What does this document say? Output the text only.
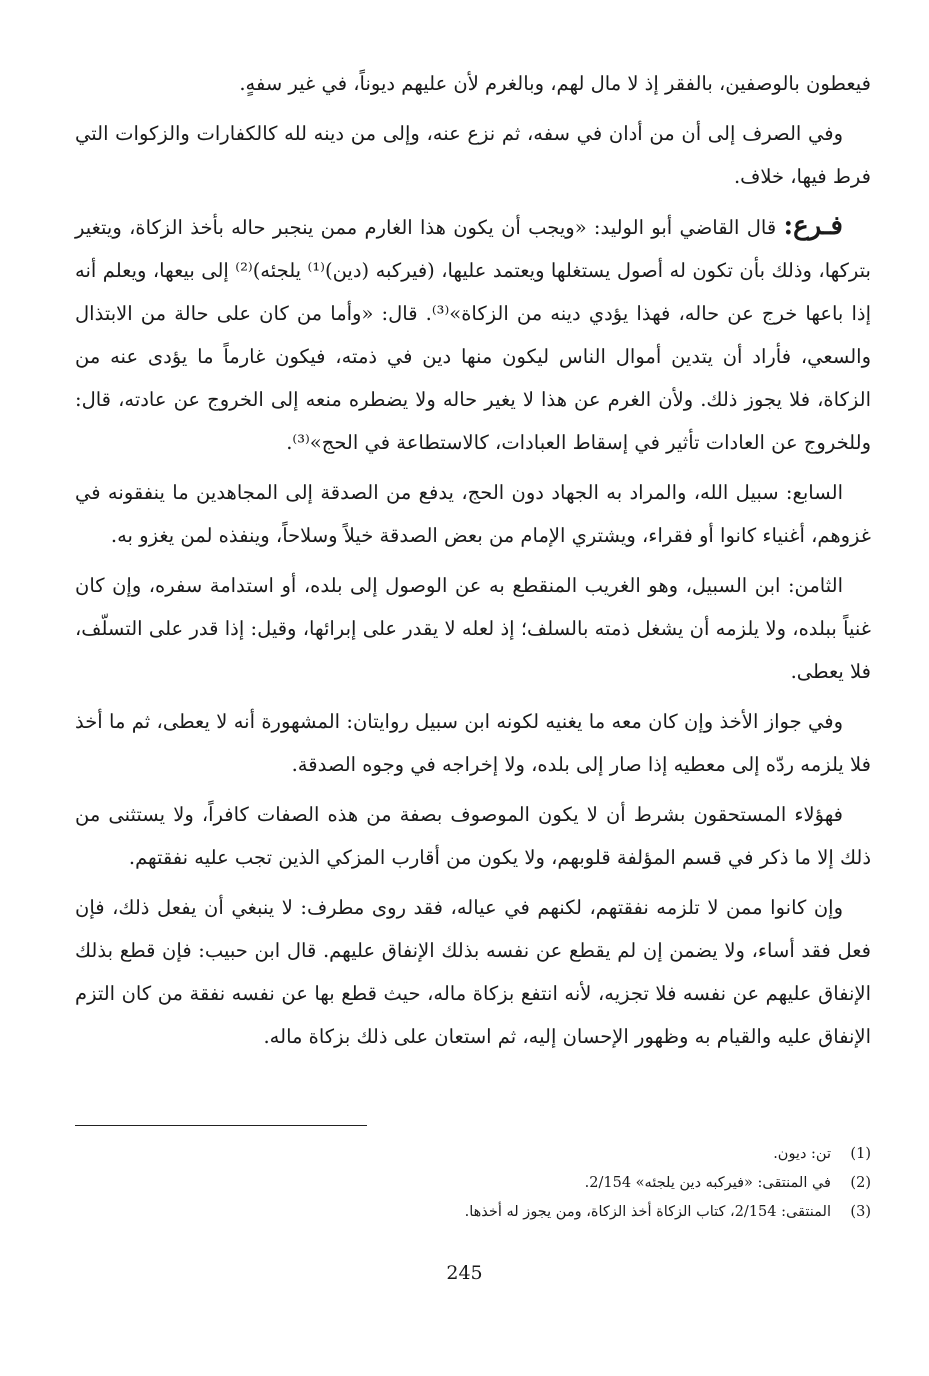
فيعطون بالوصفين، بالفقر إذ لا مال لهم، وبالغرم لأن عليهم ديوناً، في غير سفهٍ.

وفي الصرف إلى أن من أدان في سفه، ثم نزع عنه، وإلى من دينه لله كالكفارات والزكوات التي فرط فيها، خلاف.

فـرع: قال القاضي أبو الوليد: «ويجب أن يكون هذا الغارم ممن ينجبر حاله بأخذ الزكاة، ويتغير بتركها، وذلك بأن تكون له أصول يستغلها ويعتمد عليها، (فيركبه (دين)⁽¹⁾ يلجئه)⁽²⁾ إلى بيعها، ويعلم أنه إذا باعها خرج عن حاله، فهذا يؤدي دينه من الزكاة»⁽³⁾. قال: «وأما من كان على حالة من الابتذال والسعي، فأراد أن يتدين أموال الناس ليكون منها دين في ذمته، فيكون غارماً ما يؤدى عنه من الزكاة، فلا يجوز ذلك. ولأن الغرم عن هذا لا يغير حاله ولا يضطره منعه إلى الخروج عن عادته، قال: وللخروج عن العادات تأثير في إسقاط العبادات، كالاستطاعة في الحج»⁽³⁾.

السابع: سبيل الله، والمراد به الجهاد دون الحج، يدفع من الصدقة إلى المجاهدين ما ينفقونه في غزوهم، أغنياء كانوا أو فقراء، ويشتري الإمام من بعض الصدقة خيلاً وسلاحاً، وينفذه لمن يغزو به.

الثامن: ابن السبيل، وهو الغريب المنقطع به عن الوصول إلى بلده، أو استدامة سفره، وإن كان غنياً ببلده، ولا يلزمه أن يشغل ذمته بالسلف؛ إذ لعله لا يقدر على إبرائها، وقيل: إذا قدر على التسلّف، فلا يعطى.

وفي جواز الأخذ وإن كان معه ما يغنيه لكونه ابن سبيل روايتان: المشهورة أنه لا يعطى، ثم ما أخذ فلا يلزمه ردّه إلى معطيه إذا صار إلى بلده، ولا إخراجه في وجوه الصدقة.

فهؤلاء المستحقون بشرط أن لا يكون الموصوف بصفة من هذه الصفات كافراً، ولا يستثنى من ذلك إلا ما ذكر في قسم المؤلفة قلوبهم، ولا يكون من أقارب المزكي الذين تجب عليه نفقتهم.

وإن كانوا ممن لا تلزمه نفقتهم، لكنهم في عياله، فقد روى مطرف: لا ينبغي أن يفعل ذلك، فإن فعل فقد أساء، ولا يضمن إن لم يقطع عن نفسه بذلك الإنفاق عليهم. قال ابن حبيب: فإن قطع بذلك الإنفاق عليهم عن نفسه فلا تجزيه، لأنه انتفع بزكاة ماله، حيث قطع بها عن نفسه نفقة من كان التزم الإنفاق عليه والقيام به وظهور الإحسان إليه، ثم استعان على ذلك بزكاة ماله.

(1)تن: ديون.
(2)في المنتقى: «فيركبه دين يلجئه» 2/154.
(3)المنتقى: 2/154، كتاب الزكاة أخذ الزكاة، ومن يجوز له أخذها.
245
